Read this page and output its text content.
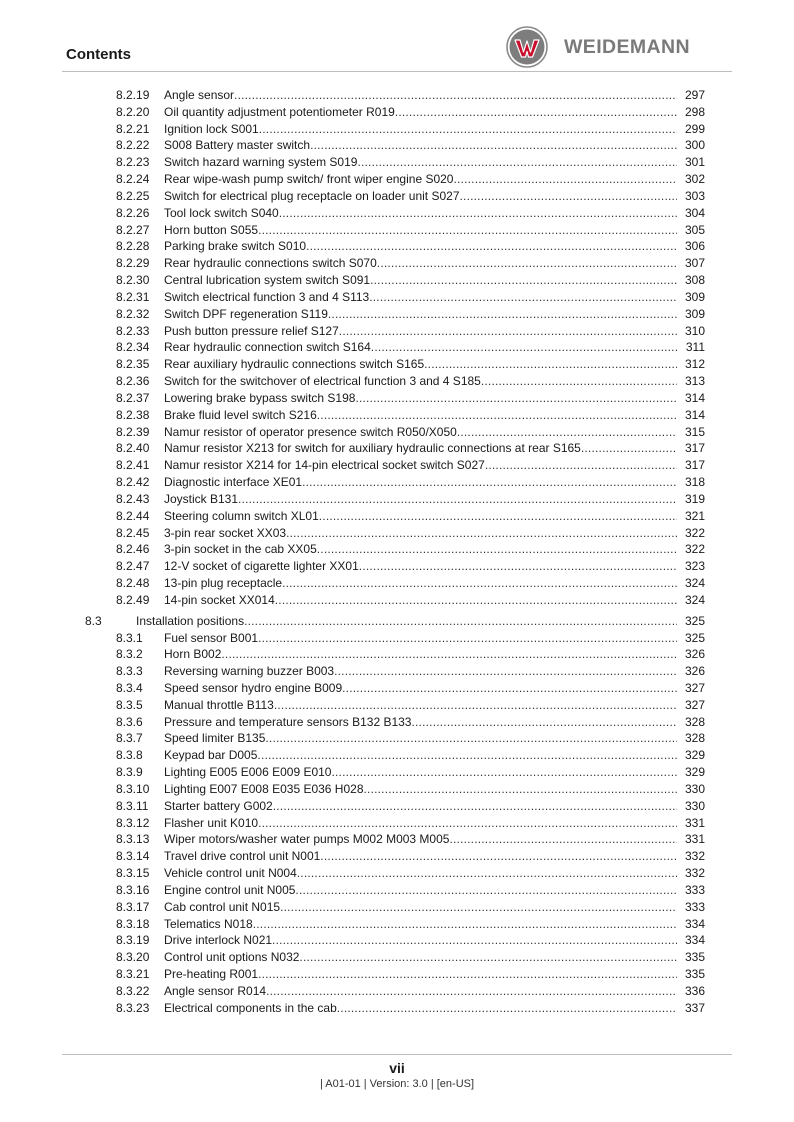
Contents	WEIDEMANN
8.2.19 Angle sensor .....	297
8.2.20 Oil quantity adjustment potentiometer R019 .....	298
8.2.21 Ignition lock S001 .....	299
8.2.22 S008 Battery master switch .....	300
8.2.23 Switch hazard warning system S019 .....	301
8.2.24 Rear wipe-wash pump switch/ front wiper engine S020 .....	302
8.2.25 Switch for electrical plug receptacle on loader unit S027 .....	303
8.2.26 Tool lock switch S040 .....	304
8.2.27 Horn button S055 .....	305
8.2.28 Parking brake switch S010 .....	306
8.2.29 Rear hydraulic connections switch S070 .....	307
8.2.30 Central lubrication system switch S091 .....	308
8.2.31 Switch electrical function 3 and 4 S113 .....	309
8.2.32 Switch DPF regeneration S119 .....	309
8.2.33 Push button pressure relief S127 .....	310
8.2.34 Rear hydraulic connection switch S164 .....	311
8.2.35 Rear auxiliary hydraulic connections switch S165 .....	312
8.2.36 Switch for the switchover of electrical function 3 and 4 S185 .....	313
8.2.37 Lowering brake bypass switch S198 .....	314
8.2.38 Brake fluid level switch S216 .....	314
8.2.39 Namur resistor of operator presence switch R050/X050 .....	315
8.2.40 Namur resistor X213 for switch for auxiliary hydraulic connections at rear S165 .....	317
8.2.41 Namur resistor X214 for 14-pin electrical socket switch S027 .....	317
8.2.42 Diagnostic interface XE01 .....	318
8.2.43 Joystick B131 .....	319
8.2.44 Steering column switch XL01 .....	321
8.2.45 3-pin rear socket XX03 .....	322
8.2.46 3-pin socket in the cab XX05 .....	322
8.2.47 12-V socket of cigarette lighter XX01 .....	323
8.2.48 13-pin plug receptacle .....	324
8.2.49 14-pin socket XX014 .....	324
8.3	Installation positions .....	325
8.3.1 Fuel sensor B001 .....	325
8.3.2 Horn B002 .....	326
8.3.3 Reversing warning buzzer B003 .....	326
8.3.4 Speed sensor hydro engine B009 .....	327
8.3.5 Manual throttle B113 .....	327
8.3.6 Pressure and temperature sensors B132 B133 .....	328
8.3.7 Speed limiter B135 .....	328
8.3.8 Keypad bar D005 .....	329
8.3.9 Lighting E005 E006 E009 E010 .....	329
8.3.10 Lighting E007 E008 E035 E036 H028 .....	330
8.3.11 Starter battery G002 .....	330
8.3.12 Flasher unit K010 .....	331
8.3.13 Wiper motors/washer water pumps M002 M003 M005 .....	331
8.3.14 Travel drive control unit N001 .....	332
8.3.15 Vehicle control unit N004 .....	332
8.3.16 Engine control unit N005 .....	333
8.3.17 Cab control unit N015 .....	333
8.3.18 Telematics N018 .....	334
8.3.19 Drive interlock N021 .....	334
8.3.20 Control unit options N032 .....	335
8.3.21 Pre-heating R001 .....	335
8.3.22 Angle sensor R014 .....	336
8.3.23 Electrical components in the cab .....	337
vii
| A01-01 | Version: 3.0 | [en-US]
